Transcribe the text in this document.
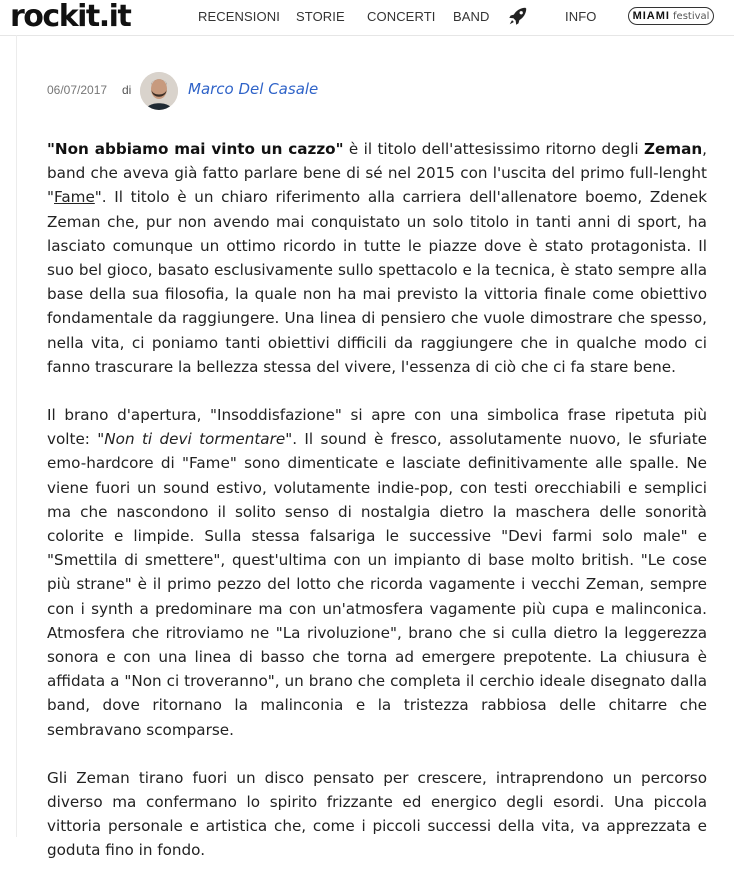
rockit.it	RECENSIONI STORIE CONCERTI BAND	INFO	MIAMI festival
06/07/2017 di	Marco Del Casale

"Non abbiamo mai vinto un cazzo" è il titolo dell'attesissimo ritorno degli Zeman, band che aveva già fatto parlare bene di sé nel 2015 con l'uscita del primo full-lenght "Fame". Il titolo è un chiaro riferimento alla carriera dell'allenatore boemo, Zdenek Zeman che, pur non avendo mai conquistato un solo titolo in tanti anni di sport, ha lasciato comunque un ottimo ricordo in tutte le piazze dove è stato protagonista. Il suo bel gioco, basato esclusivamente sullo spettacolo e la tecnica, è stato sempre alla base della sua filosofia, la quale non ha mai previsto la vittoria finale come obiettivo fondamentale da raggiungere. Una linea di pensiero che vuole dimostrare che spesso, nella vita, ci poniamo tanti obiettivi difficili da raggiungere che in qualche modo ci fanno trascurare la bellezza stessa del vivere, l'essenza di ciò che ci fa stare bene.

Il brano d'apertura, "Insoddisfazione" si apre con una simbolica frase ripetuta più volte: "Non ti devi tormentare". Il sound è fresco, assolutamente nuovo, le sfuriate emo-hardcore di "Fame" sono dimenticate e lasciate definitivamente alle spalle. Ne viene fuori un sound estivo, volutamente indie-pop, con testi orecchiabili e semplici ma che nascondono il solito senso di nostalgia dietro la maschera delle sonorità colorite e limpide. Sulla stessa falsariga le successive "Devi farmi solo male" e "Smettila di smettere", quest'ultima con un impianto di base molto british. "Le cose più strane" è il primo pezzo del lotto che ricorda vagamente i vecchi Zeman, sempre con i synth a predominare ma con un'atmosfera vagamente più cupa e malinconica. Atmosfera che ritroviamo ne "La rivoluzione", brano che si culla dietro la leggerezza sonora e con una linea di basso che torna ad emergere prepotente. La chiusura è affidata a "Non ci troveranno", un brano che completa il cerchio ideale disegnato dalla band, dove ritornano la malinconia e la tristezza rabbiosa delle chitarre che sembravano scomparse.

Gli Zeman tirano fuori un disco pensato per crescere, intraprendono un percorso diverso ma confermano lo spirito frizzante ed energico degli esordi. Una piccola vittoria personale e artistica che, come i piccoli successi della vita, va apprezzata e goduta fino in fondo.
